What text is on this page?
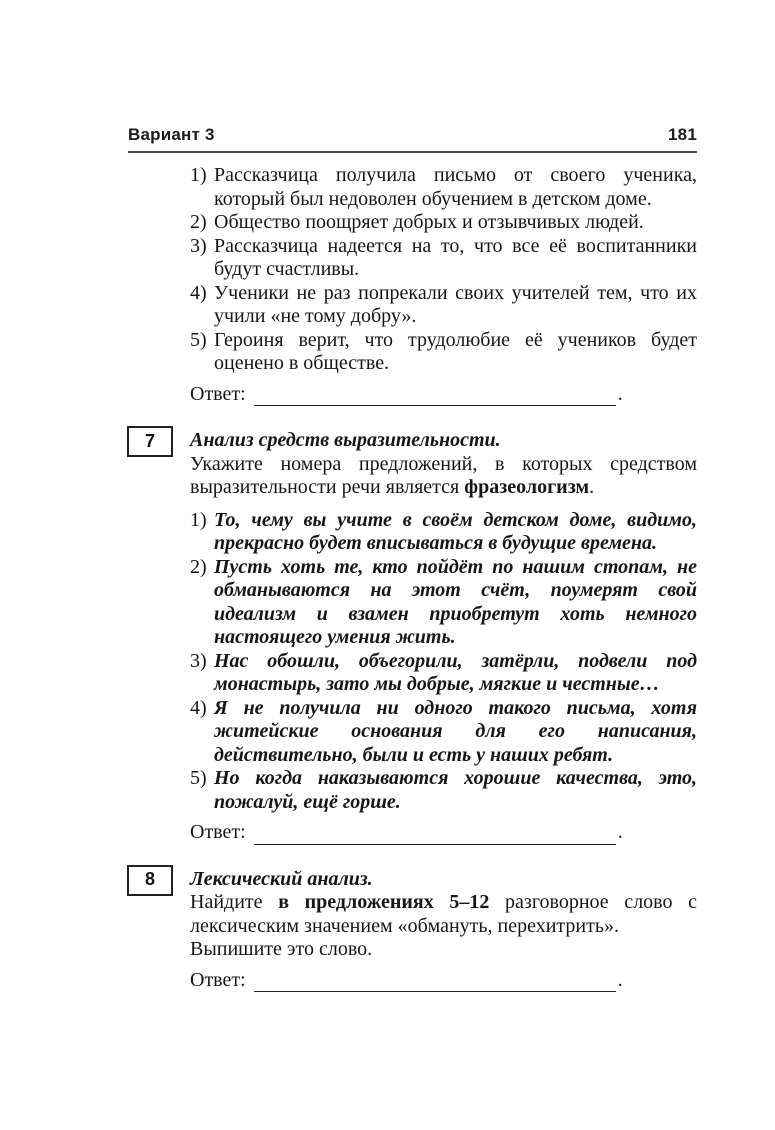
Вариант 3	181
1) Рассказчица получила письмо от своего ученика, который был недоволен обучением в детском доме.
2) Общество поощряет добрых и отзывчивых людей.
3) Рассказчица надеется на то, что все её воспитанники будут счастливы.
4) Ученики не раз попрекали своих учителей тем, что их учили «не тому добру».
5) Героиня верит, что трудолюбие её учеников будет оценено в обществе.
Ответ:	.
7	Анализ средств выразительности.
Укажите номера предложений, в которых средством выразительности речи является фразеологизм.
1) То, чему вы учите в своём детском доме, видимо, прекрасно будет вписываться в будущие времена.
2) Пусть хоть те, кто пойдёт по нашим стопам, не обманываются на этот счёт, поумерят свой идеализм и взамен приобретут хоть немного настоящего умения жить.
3) Нас обошли, объегорили, затёрли, подвели под монастырь, зато мы добрые, мягкие и честные…
4) Я не получила ни одного такого письма, хотя житейские основания для его написания, действительно, были и есть у наших ребят.
5) Но когда наказываются хорошие качества, это, пожалуй, ещё горше.
Ответ:	.
8	Лексический анализ.
Найдите в предложениях 5–12 разговорное слово с лексическим значением «обмануть, перехитрить».
Выпишите это слово.
Ответ:	.
